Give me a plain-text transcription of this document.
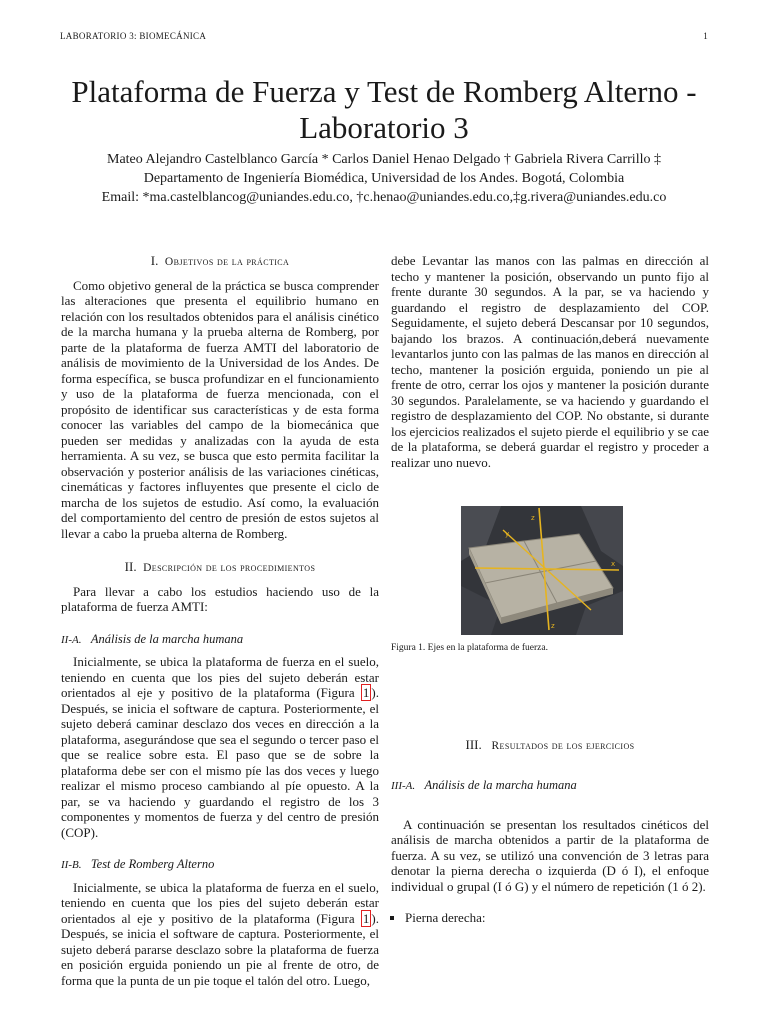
LABORATORIO 3: BIOMECÁNICA	1
Plataforma de Fuerza y Test de Romberg Alterno - Laboratorio 3
Mateo Alejandro Castelblanco García * Carlos Daniel Henao Delgado † Gabriela Rivera Carrillo ‡
Departamento de Ingeniería Biomédica, Universidad de los Andes. Bogotá, Colombia
Email: *ma.castelblancog@uniandes.edu.co, †c.henao@uniandes.edu.co,‡g.rivera@uniandes.edu.co
I. Objetivos de la práctica

Como objetivo general de la práctica se busca comprender las alteraciones que presenta el equilibrio humano en relación con los resultados obtenidos para el análisis cinético de la marcha humana y la prueba alterna de Romberg, por parte de la plataforma de fuerza AMTI del laboratorio de análisis de movimiento de la Universidad de los Andes. De forma específica, se busca profundizar en el funcionamiento y uso de la plataforma de fuerza mencionada, con el propósito de identificar sus características y de esta forma conocer las variables del campo de la biomecánica que pueden ser medidas y analizadas con la ayuda de esta herramienta. A su vez, se busca que esto permita facilitar la observación y posterior análisis de las variaciones cinéticas, cinemáticas y factores influyentes que presente el ciclo de marcha de los sujetos de estudio. Así como, la evaluación del comportamiento del centro de presión de estos sujetos al llevar a cabo la prueba alterna de Romberg.

II. Descripción de los procedimientos

Para llevar a cabo los estudios haciendo uso de la plataforma de fuerza AMTI:

II-A. Análisis de la marcha humana

Inicialmente, se ubica la plataforma de fuerza en el suelo, teniendo en cuenta que los pies del sujeto deberán estar orientados al eje y positivo de la plataforma (Figura 1 ). Después, se inicia el software de captura. Posteriormente, el sujeto deberá caminar desclazo dos veces en dirección a la plataforma, asegurándose que sea el segundo o tercer paso el que se realice sobre esta. El paso que se de sobre la plataforma debe ser con el mismo píe las dos veces y luego realizar el mismo proceso cambiando al píe opuesto. A la par, se va haciendo y guardando el registro de los 3 componentes y momentos de fuerza y del centro de presión (COP).

II-B. Test de Romberg Alterno

Inicialmente, se ubica la plataforma de fuerza en el suelo, teniendo en cuenta que los pies del sujeto deberán estar orientados al eje y positivo de la plataforma (Figura 1 ). Después, se inicia el software de captura. Posteriormente, el sujeto deberá pararse desclazo sobre la plataforma de fuerza en posición erguida poniendo un pie al frente de otro, de forma que la punta de un pie toque el talón del otro. Luego,

debe Levantar las manos con las palmas en dirección al techo y mantener la posición, observando un punto fijo al frente durante 30 segundos. A la par, se va haciendo y guardando el registro de desplazamiento del COP. Seguidamente, el sujeto deberá Descansar por 10 segundos, bajando los brazos. A continuación,deberá nuevamente levantarlos junto con las palmas de las manos en dirección al techo, mantener la posición erguida, poniendo un pie al frente de otro, cerrar los ojos y mantener la posición durante 30 segundos. Paralelamente, se va haciendo y guardando el registro de desplazamiento del COP. No obstante, si durante los ejercicios realizados el sujeto pierde el equilibrio y se cae de la plataforma, se deberá guardar el registro y proceder a realizar uno nuevo.

z
x
y
z
Figura 1. Ejes en la plataforma de fuerza.
III. Resultados de los ejercicios
III-A. Análisis de la marcha humana

A continuación se presentan los resultados cinéticos del análisis de marcha obtenidos a partir de la plataforma de fuerza. A su vez, se utilizó una convención de 3 letras para denotar la pierna derecha o izquierda (D ó I), el enfoque individual o grupal (I ó G) y el número de repetición (1 ó 2).

▪ Pierna derecha:
